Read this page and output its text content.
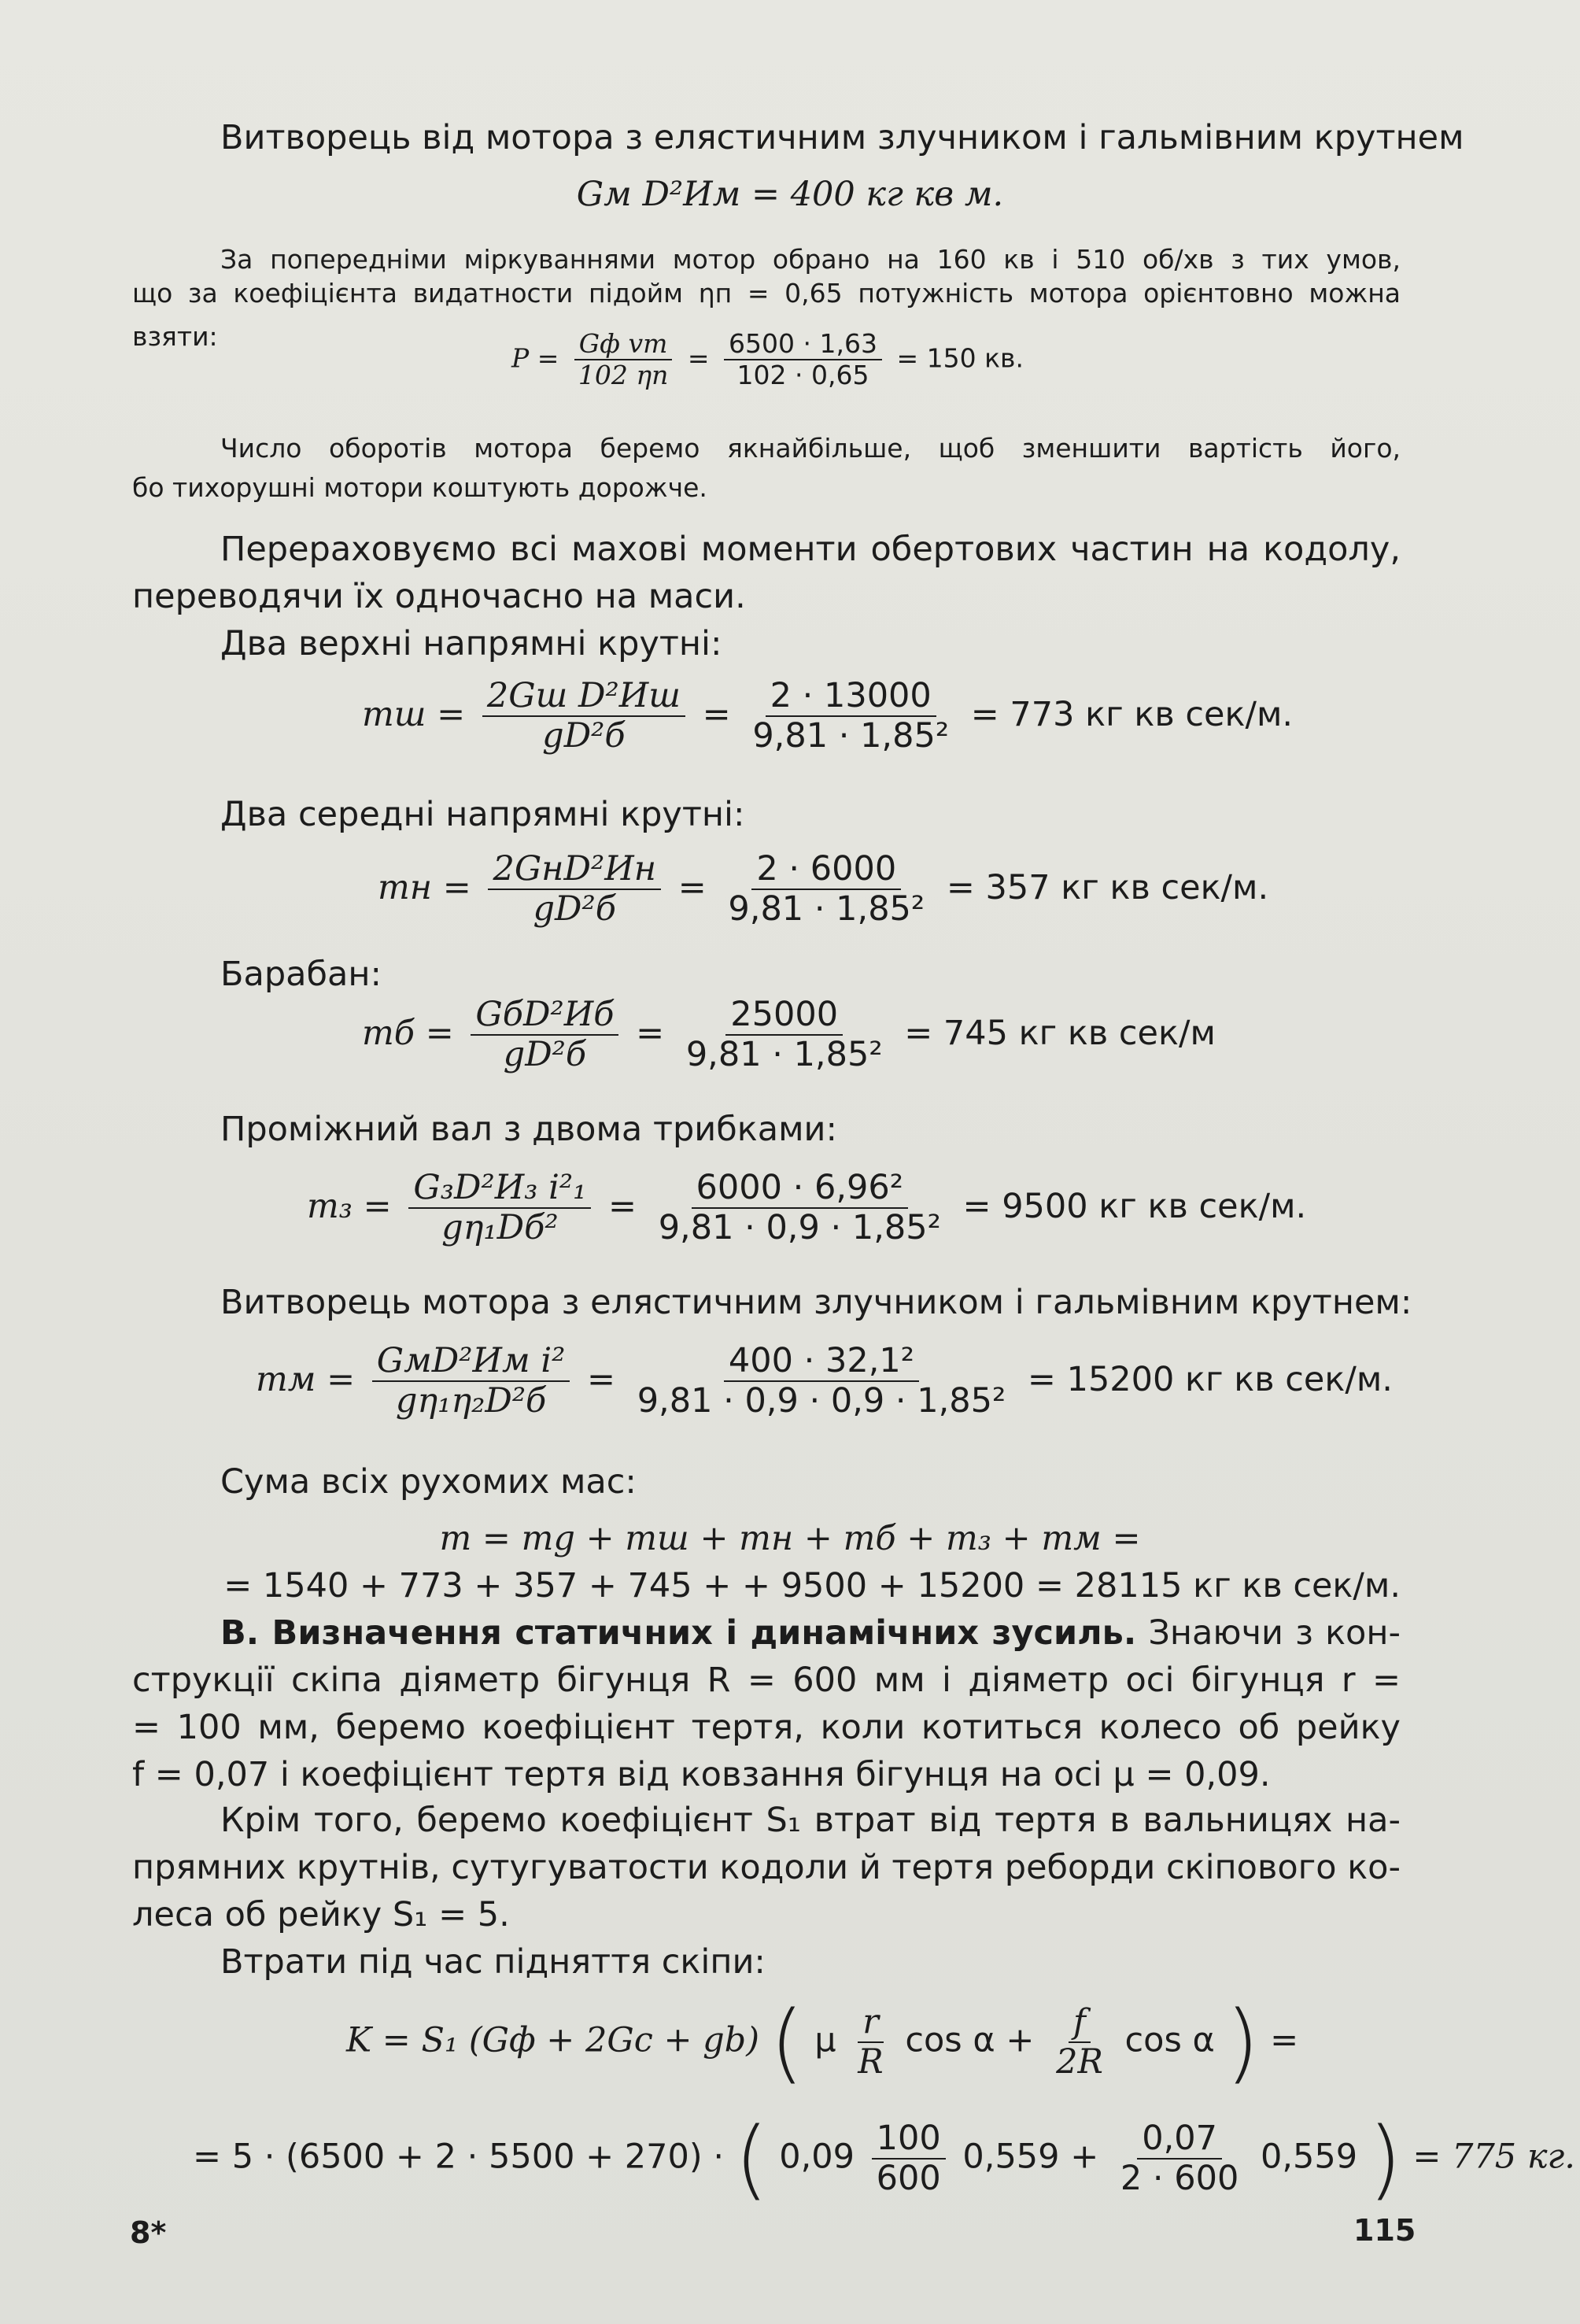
Витворець від мотора з елястичним злучником і гальмівним крутнем
Gм D²Им = 400 кг кв м.
За попередніми міркуваннями мотор обрано на 160 кв і 510 об/хв з тих умов,
що за коефіцієнта видатности підойм ηп = 0,65 потужність мотора орієнтовно можна
взяти:
$P = \frac{\text{Gф vm}}{102 \eta п} = \frac{6500 \cdot 1,63}{102 \cdot 0,65} = 150$ кв.
Число оборотів мотора беремо якнайбільше, щоб зменшити вартість його,
бо тихорушні мотори коштують дорожче.
Перераховуємо всі махові моменти обертових частин на кодолу,
переводячи їх одночасно на маси.
Два верхні напрямні крутні:
mш = $\frac{\text{2Gш D²Иш}}{\text{gD²б}} = \frac{2 \cdot 13000}{\text{9,81 · 1,85²}} = 773$ кг кв сек/м.
Два середні напрямні крутні:
mн = $\frac{\text{2GнD²Ин}}{\text{gD²б}} = \frac{2 \cdot 6000}{\text{9,81 · 1,85²}} = 357$ кг кв сек/м.
Барабан:
mб = $\frac{\text{GбD²Иб}}{\text{gD²б}} = \frac{25000}{\text{9,81 · 1,85²}} = 745$ кг кв сек/м
Проміжний вал з двома трибками:
$m_3 = \frac{\text{G₃D²И₃ i²₁}}{\text{gη₁Dб²}} = \frac{\text{6000 · 6,96²}}{\text{9,81 · 0,9 · 1,85²}} = 9500$ кг кв сек/м.
Витворець мотора з елястичним злучником і гальмівним крутнем:
mм = $\frac{\text{GмD²Им i²}}{\text{gη₁η₂D²б}} = \frac{\text{400 · 32,1²}}{\text{9,81 · 0,9 · 0,9 · 1,85²}} = 15200$ кг кв сек/м.
Сума всіх рухомих мас:
m = mg + mш + mн + mб + m₃ + mм =
= 1540 + 773 + 357 + 745 + + 9500 + 15200 = 28115 кг кв сек/м.
В. Визначення статичних і динамічних зусиль. Знаючи з кон-
струкції скіпа діяметр бігунця R = 600 мм і діяметр осі бігунця r =
= 100 мм, беремо коефіцієнт тертя, коли котиться колесо об рейку
f = 0,07 і коефіцієнт тертя від ковзання бігунця на осі μ = 0,09.
Крім того, беремо коефіцієнт S₁ втрат від тертя в вальницях на-
прямних крутнів, сутугуватости кодоли й тертя реборди скіпового ко-
леса об рейку S₁ = 5.
Втрати під час підняття скіпи:
K = S₁ (Gф + 2Gc + gb) ( μ $\frac{r}{R}$ $\cos \alpha + \frac{f}{2R}$ cos α ) =
= 5 · (6500 + 2 · 5500 + 270) · ( $0,09 \frac{100}{600} 0,559 + \frac{0,07}{2 \cdot 600} 0,559$ ) = 775 кг.
8*	115
